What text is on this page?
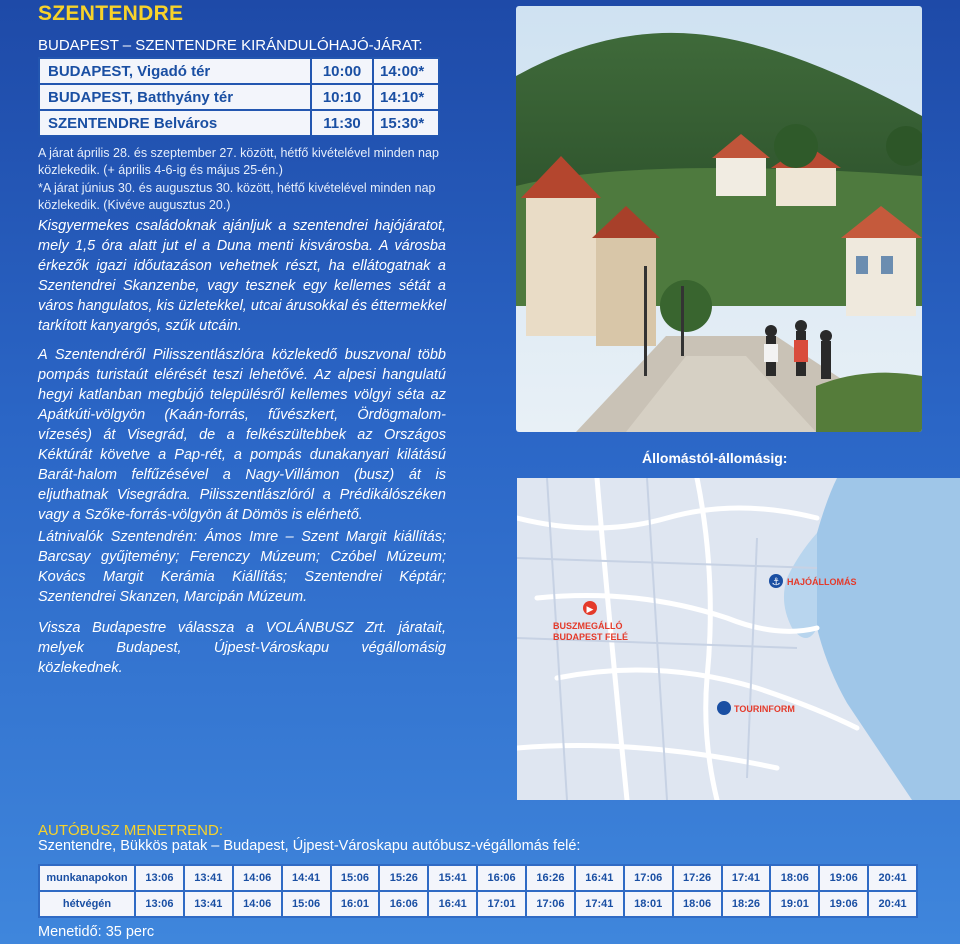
SZENTENDRE
BUDAPEST – SZENTENDRE KIRÁNDULÓHAJÓ-JÁRAT:
BUDAPEST, Vigadó tér	10:00	14:00*
BUDAPEST, Batthyány tér	10:10	14:10*
SZENTENDRE Belváros	11:30	15:30*
A járat április 28. és szeptember 27. között, hétfő kivételével minden nap közlekedik. (+ április 4-6-ig és május 25-én.)
*A járat június 30. és augusztus 30. között, hétfő kivételével minden nap közlekedik. (Kivéve augusztus 20.)
Kisgyermekes családoknak ajánljuk a szentendrei hajójáratot, mely 1,5 óra alatt jut el a Duna menti kisvárosba. A városba érkezők igazi időutazáson vehetnek részt, ha ellátogatnak a Szentendrei Skanzenbe, vagy tesznek egy kellemes sétát a város hangulatos, kis üzletekkel, utcai árusokkal és éttermekkel tarkított kanyargós, szűk utcáin.
A Szentendréről Pilisszentlászlóra közlekedő buszvonal több pompás turistaút elérését teszi lehetővé. Az alpesi hangulatú hegyi katlanban megbújó településről kellemes völgyi séta az Apátkúti-völgyön (Kaán-forrás, fűvészkert, Ördögmalom-vízesés) át Visegrád, de a felkészültebbek az Országos Kéktúrát követve a Pap-rét, a pompás dunakanyari kilátású Barát-halom felfűzésével a Nagy-Villámon (busz) át is eljuthatnak Visegrádra. Pilisszentlászlóról a Prédikálószéken vagy a Szőke-forrás-völgyön át Dömös is elérhető.
Látnivalók Szentendrén: Ámos Imre – Szent Margit kiállítás; Barcsay gyűjtemény; Ferenczy Múzeum; Czóbel Múzeum; Kovács Margit Kerámia Kiállítás; Szentendrei Képtár; Szentendrei Skanzen, Marcipán Múzeum.
Vissza Budapestre válassza a VOLÁNBUSZ Zrt. járatait, melyek Budapest, Újpest-Városkapu végállomásig közlekednek.
Állomástól-állomásig:
⚓ HAJÓÁLLOMÁS
▶
BUSZMEGÁLLÓ
BUDAPEST FELÉ
TOURINFORM
AUTÓBUSZ MENETREND:
Szentendre, Bükkös patak – Budapest, Újpest-Városkapu autóbusz-végállomás felé:
munkanapokon	13:06	13:41	14:06	14:41	15:06	15:26	15:41	16:06	16:26	16:41	17:06	17:26	17:41	18:06	19:06	20:41
hétvégén	13:06	13:41	14:06	15:06	16:01	16:06	16:41	17:01	17:06	17:41	18:01	18:06	18:26	19:01	19:06	20:41
Menetidő: 35 perc
